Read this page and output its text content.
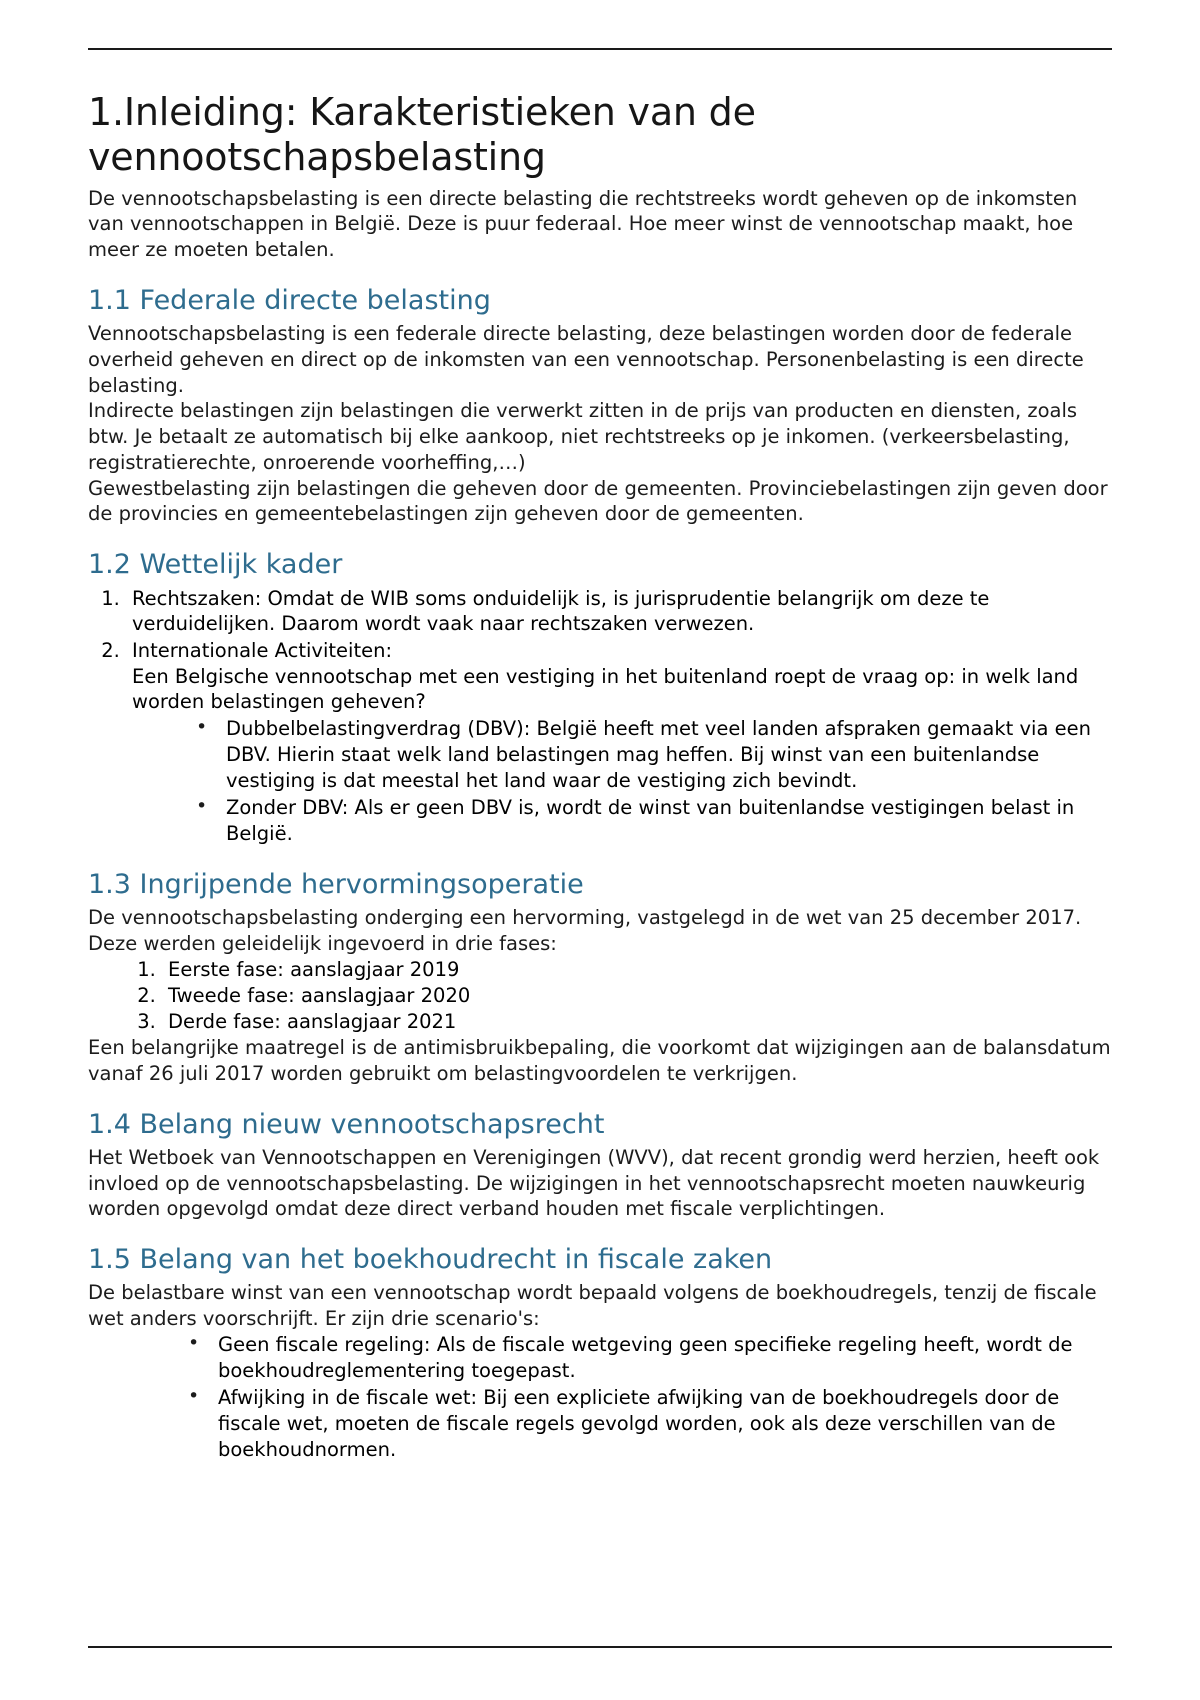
1.Inleiding: Karakteristieken van de vennootschapsbelasting

De vennootschapsbelasting is een directe belasting die rechtstreeks wordt geheven op de inkomsten van vennootschappen in België. Deze is puur federaal. Hoe meer winst de vennootschap maakt, hoe meer ze moeten betalen.

1.1 Federale directe belasting

Vennootschapsbelasting is een federale directe belasting, deze belastingen worden door de federale overheid geheven en direct op de inkomsten van een vennootschap. Personenbelasting is een directe belasting.

Indirecte belastingen zijn belastingen die verwerkt zitten in de prijs van producten en diensten, zoals btw. Je betaalt ze automatisch bij elke aankoop, niet rechtstreeks op je inkomen. (verkeersbelasting, registratierechte, onroerende voorheffing,…)

Gewestbelasting zijn belastingen die geheven door de gemeenten. Provinciebelastingen zijn geven door de provincies en gemeentebelastingen zijn geheven door de gemeenten.

1.2 Wettelijk kader
1. Rechtszaken: Omdat de WIB soms onduidelijk is, is jurisprudentie belangrijk om deze te verduidelijken. Daarom wordt vaak naar rechtszaken verwezen.
2. Internationale Activiteiten:
Een Belgische vennootschap met een vestiging in het buitenland roept de vraag op: in welk land worden belastingen geheven?
• Dubbelbelastingverdrag (DBV): België heeft met veel landen afspraken gemaakt via een DBV. Hierin staat welk land belastingen mag heffen. Bij winst van een buitenlandse vestiging is dat meestal het land waar de vestiging zich bevindt.
• Zonder DBV: Als er geen DBV is, wordt de winst van buitenlandse vestigingen belast in België.
1.3 Ingrijpende hervormingsoperatie

De vennootschapsbelasting onderging een hervorming, vastgelegd in de wet van 25 december 2017. Deze werden geleidelijk ingevoerd in drie fases:

1. Eerste fase: aanslagjaar 2019
2. Tweede fase: aanslagjaar 2020
3. Derde fase: aanslagjaar 2021

Een belangrijke maatregel is de antimisbruikbepaling, die voorkomt dat wijzigingen aan de balansdatum vanaf 26 juli 2017 worden gebruikt om belastingvoordelen te verkrijgen.

1.4 Belang nieuw vennootschapsrecht

Het Wetboek van Vennootschappen en Verenigingen (WVV), dat recent grondig werd herzien, heeft ook invloed op de vennootschapsbelasting. De wijzigingen in het vennootschapsrecht moeten nauwkeurig worden opgevolgd omdat deze direct verband houden met fiscale verplichtingen.

1.5 Belang van het boekhoudrecht in fiscale zaken

De belastbare winst van een vennootschap wordt bepaald volgens de boekhoudregels, tenzij de fiscale wet anders voorschrijft. Er zijn drie scenario's:

• Geen fiscale regeling: Als de fiscale wetgeving geen specifieke regeling heeft, wordt de boekhoudreglementering toegepast.
• Afwijking in de fiscale wet: Bij een expliciete afwijking van de boekhoudregels door de fiscale wet, moeten de fiscale regels gevolgd worden, ook als deze verschillen van de boekhoudnormen.
